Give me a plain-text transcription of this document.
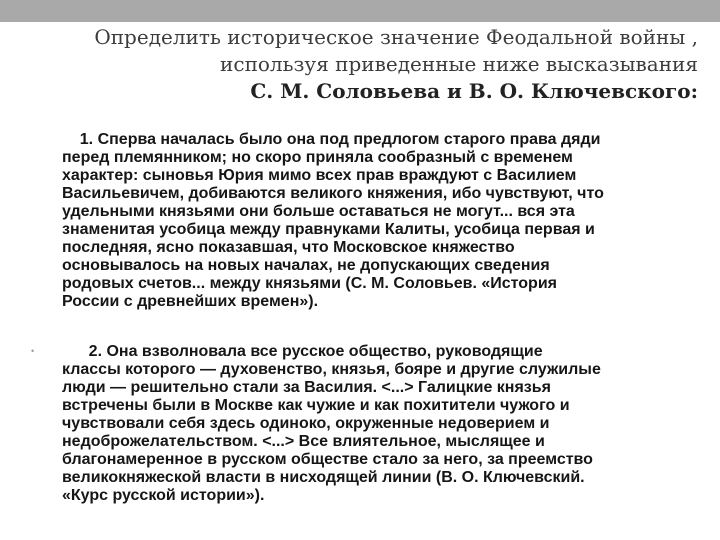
Определить историческое значение Феодальной войны ,
используя приведенные ниже высказывания
С. М. Соловьева и В. О. Ключевского:
1. Сперва началась было она под предлогом старого права дяди
перед племянником; но скоро приняла сообразный с временем
характер: сыновья Юрия мимо всех прав враждуют с Василием
Васильевичем, добиваются великого княжения, ибо чувствуют, что
удельными князьями они больше оставаться не могут... вся эта
знаменитая усобица между правнуками Калиты, усобица первая и
последняя, ясно показавшая, что Московское княжество
основывалось на новых началах, не допускающих сведения
родовых счетов... между князьями (С. М. Соловьев. «История
России с древнейших времен»).
• 2. Она взволновала все русское общество, руководящие
классы которого — духовенство, князья, бояре и другие служилые
люди — решительно стали за Василия. <...> Галицкие князья
встречены были в Москве как чужие и как похитители чужого и
чувствовали себя здесь одиноко, окруженные недоверием и
недоброжелательством. <...> Все влиятельное, мыслящее и
благонамеренное в русском обществе стало за него, за преемство
великокняжеской власти в нисходящей линии (В. О. Ключевский.
«Курс русской истории»).
